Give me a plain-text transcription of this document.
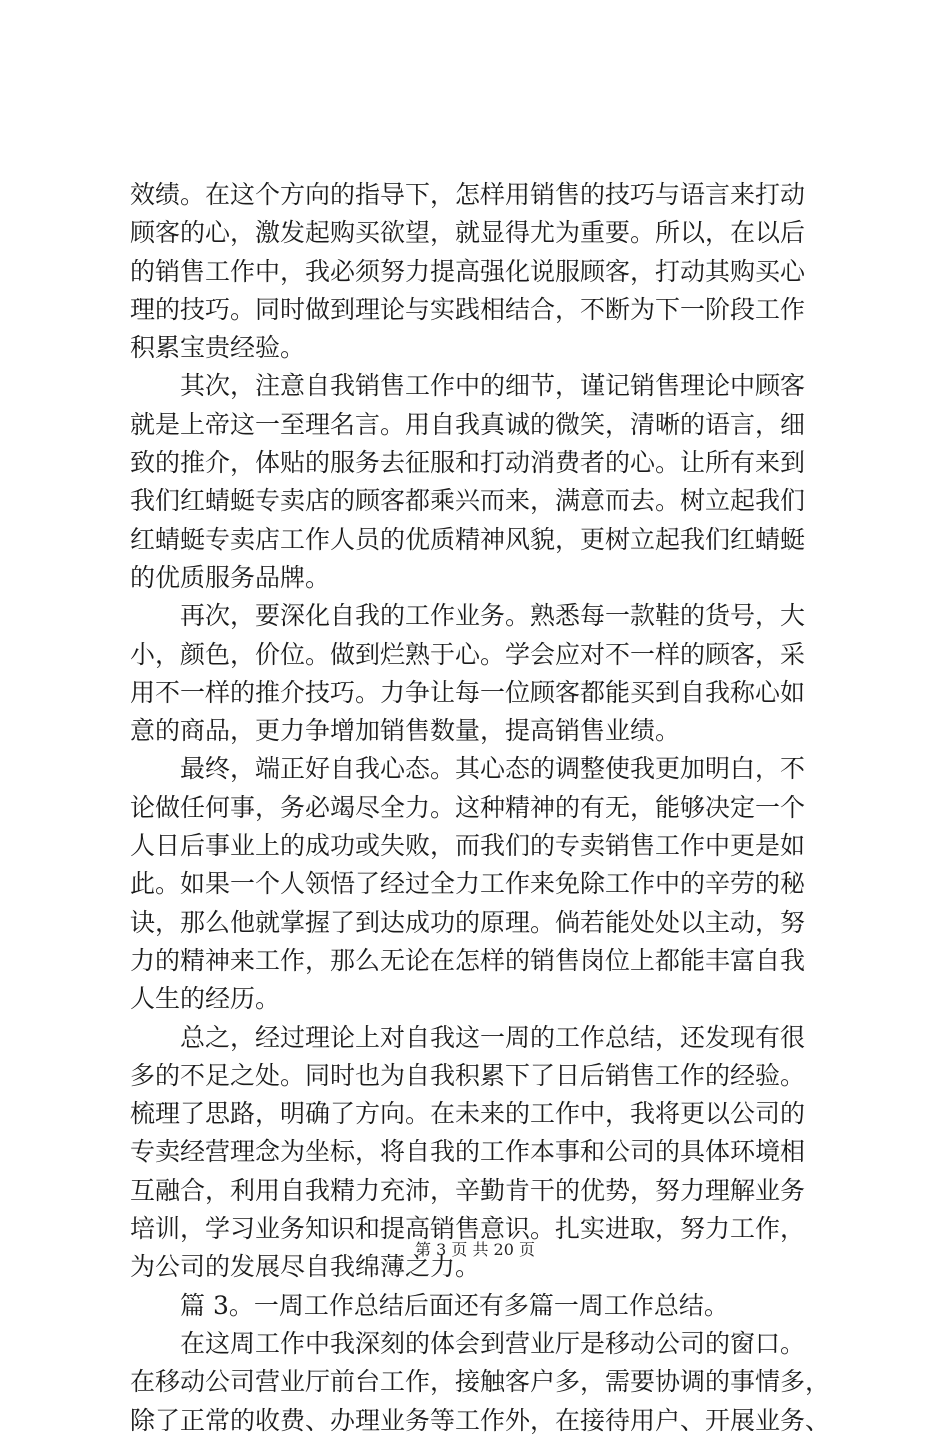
效绩。在这个方向的指导下，怎样用销售的技巧与语言来打动
顾客的心，激发起购买欲望，就显得尤为重要。所以，在以后
的销售工作中，我必须努力提高强化说服顾客，打动其购买心
理的技巧。同时做到理论与实践相结合，不断为下一阶段工作
积累宝贵经验。
其次，注意自我销售工作中的细节，谨记销售理论中顾客
就是上帝这一至理名言。用自我真诚的微笑，清晰的语言，细
致的推介，体贴的服务去征服和打动消费者的心。让所有来到
我们红蜻蜓专卖店的顾客都乘兴而来，满意而去。树立起我们
红蜻蜓专卖店工作人员的优质精神风貌，更树立起我们红蜻蜓
的优质服务品牌。
再次，要深化自我的工作业务。熟悉每一款鞋的货号，大
小，颜色，价位。做到烂熟于心。学会应对不一样的顾客，采
用不一样的推介技巧。力争让每一位顾客都能买到自我称心如
意的商品，更力争增加销售数量，提高销售业绩。
最终，端正好自我心态。其心态的调整使我更加明白，不
论做任何事，务必竭尽全力。这种精神的有无，能够决定一个
人日后事业上的成功或失败，而我们的专卖销售工作中更是如
此。如果一个人领悟了经过全力工作来免除工作中的辛劳的秘
诀，那么他就掌握了到达成功的原理。倘若能处处以主动，努
力的精神来工作，那么无论在怎样的销售岗位上都能丰富自我
人生的经历。
总之，经过理论上对自我这一周的工作总结，还发现有很
多的不足之处。同时也为自我积累下了日后销售工作的经验。
梳理了思路，明确了方向。在未来的工作中，我将更以公司的
专卖经营理念为坐标，将自我的工作本事和公司的具体环境相
互融合，利用自我精力充沛，辛勤肯干的优势，努力理解业务
培训，学习业务知识和提高销售意识。扎实进取，努力工作，
为公司的发展尽自我绵薄之力。
篇 3。一周工作总结后面还有多篇一周工作总结。
在这周工作中我深刻的体会到营业厅是移动公司的窗口。
在移动公司营业厅前台工作，接触客户多，需要协调的事情多，
除了正常的收费、办理业务等工作外，在接待用户、开展业务、
第 3 页 共 20 页
